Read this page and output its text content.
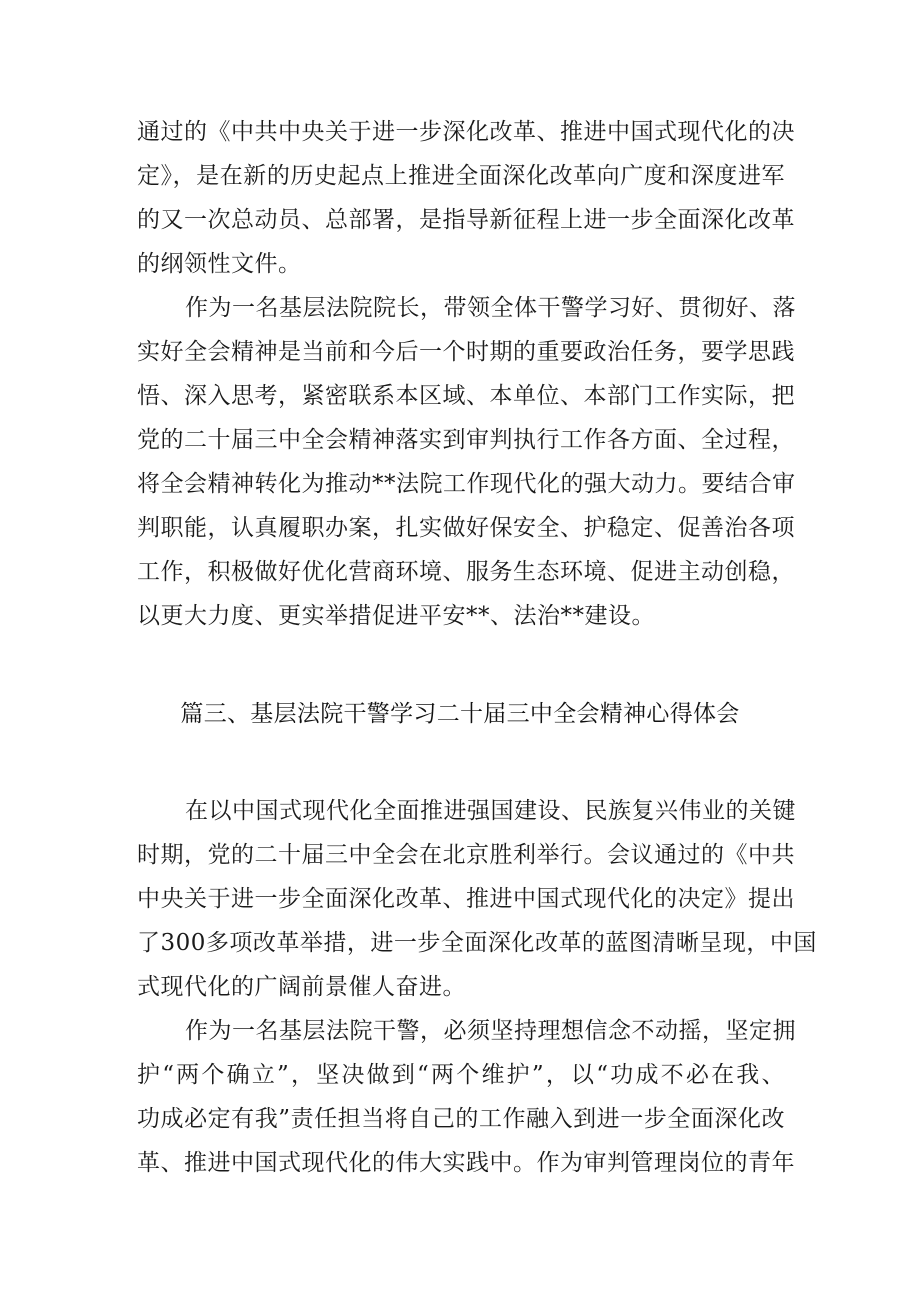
通过的《中共中央关于进一步深化改革、推进中国式现代化的决
定》，是在新的历史起点上推进全面深化改革向广度和深度进军
的又一次总动员、总部署，是指导新征程上进一步全面深化改革
的纲领性文件。
作为一名基层法院院长，带领全体干警学习好、贯彻好、落
实好全会精神是当前和今后一个时期的重要政治任务，要学思践
悟、深入思考，紧密联系本区域、本单位、本部门工作实际，把
党的二十届三中全会精神落实到审判执行工作各方面、全过程，
将全会精神转化为推动**法院工作现代化的强大动力。要结合审
判职能，认真履职办案，扎实做好保安全、护稳定、促善治各项
工作，积极做好优化营商环境、服务生态环境、促进主动创稳，
以更大力度、更实举措促进平安**、法治**建设。
篇三、基层法院干警学习二十届三中全会精神心得体会
在以中国式现代化全面推进强国建设、民族复兴伟业的关键
时期，党的二十届三中全会在北京胜利举行。会议通过的《中共
中央关于进一步全面深化改革、推进中国式现代化的决定》提出
了300多项改革举措，进一步全面深化改革的蓝图清晰呈现，中国
式现代化的广阔前景催人奋进。
作为一名基层法院干警，必须坚持理想信念不动摇，坚定拥
护“两个确立”，坚决做到“两个维护”，以“功成不必在我、
功成必定有我”责任担当将自己的工作融入到进一步全面深化改
革、推进中国式现代化的伟大实践中。作为审判管理岗位的青年
